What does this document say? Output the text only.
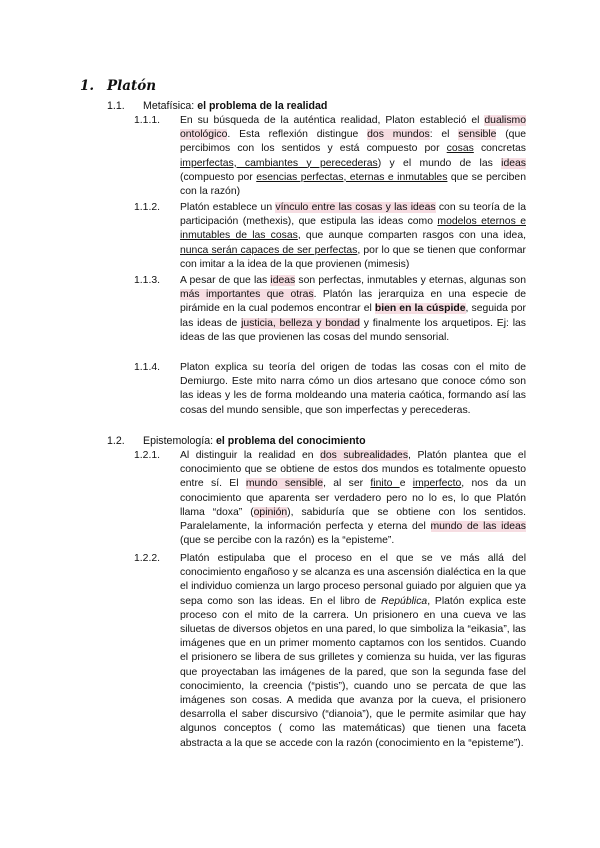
1. Platón
1.1. Metafísica: el problema de la realidad
1.1.1. En su búsqueda de la auténtica realidad, Platon estableció el dualismo ontológico. Esta reflexión distingue dos mundos: el sensible (que percibimos con los sentidos y está compuesto por cosas concretas imperfectas, cambiantes y perecederas) y el mundo de las ideas (compuesto por esencias perfectas, eternas e inmutables que se perciben con la razón)
1.1.2. Platón establece un vínculo entre las cosas y las ideas con su teoría de la participación (methexis), que estipula las ideas como modelos eternos e inmutables de las cosas, que aunque comparten rasgos con una idea, nunca serán capaces de ser perfectas, por lo que se tienen que conformar con imitar a la idea de la que provienen (mimesis)
1.1.3. A pesar de que las ideas son perfectas, inmutables y eternas, algunas son más importantes que otras. Platón las jerarquiza en una especie de pirámide en la cual podemos encontrar el bien en la cúspide, seguida por las ideas de justicia, belleza y bondad y finalmente los arquetipos. Ej: las ideas de las que provienen las cosas del mundo sensorial.
1.1.4. Platon explica su teoría del origen de todas las cosas con el mito de Demiurgo. Este mito narra cómo un dios artesano que conoce cómo son las ideas y les de forma moldeando una materia caótica, formando así las cosas del mundo sensible, que son imperfectas y perecederas.
1.2. Epistemología: el problema del conocimiento
1.2.1. Al distinguir la realidad en dos subrealidades, Platón plantea que el conocimiento que se obtiene de estos dos mundos es totalmente opuesto entre sí. El mundo sensible, al ser finito e imperfecto, nos da un conocimiento que aparenta ser verdadero pero no lo es, lo que Platón llama “doxa” (opinión), sabiduría que se obtiene con los sentidos. Paralelamente, la información perfecta y eterna del mundo de las ideas (que se percibe con la razón) es la “episteme”.
1.2.2. Platón estipulaba que el proceso en el que se ve más allá del conocimiento engañoso y se alcanza es una ascensión dialéctica en la que el individuo comienza un largo proceso personal guiado por alguien que ya sepa como son las ideas. En el libro de República, Platón explica este proceso con el mito de la carrera. Un prisionero en una cueva ve las siluetas de diversos objetos en una pared, lo que simboliza la “eikasia”, las imágenes que en un primer momento captamos con los sentidos. Cuando el prisionero se libera de sus grilletes y comienza su huida, ver las figuras que proyectaban las imágenes de la pared, que son la segunda fase del conocimiento, la creencia (“pistis”), cuando uno se percata de que las imágenes son cosas. A medida que avanza por la cueva, el prisionero desarrolla el saber discursivo (“dianoia”), que le permite asimilar que hay algunos conceptos ( como las matemáticas) que tienen una faceta abstracta a la que se accede con la razón (conocimiento en la “episteme”).
